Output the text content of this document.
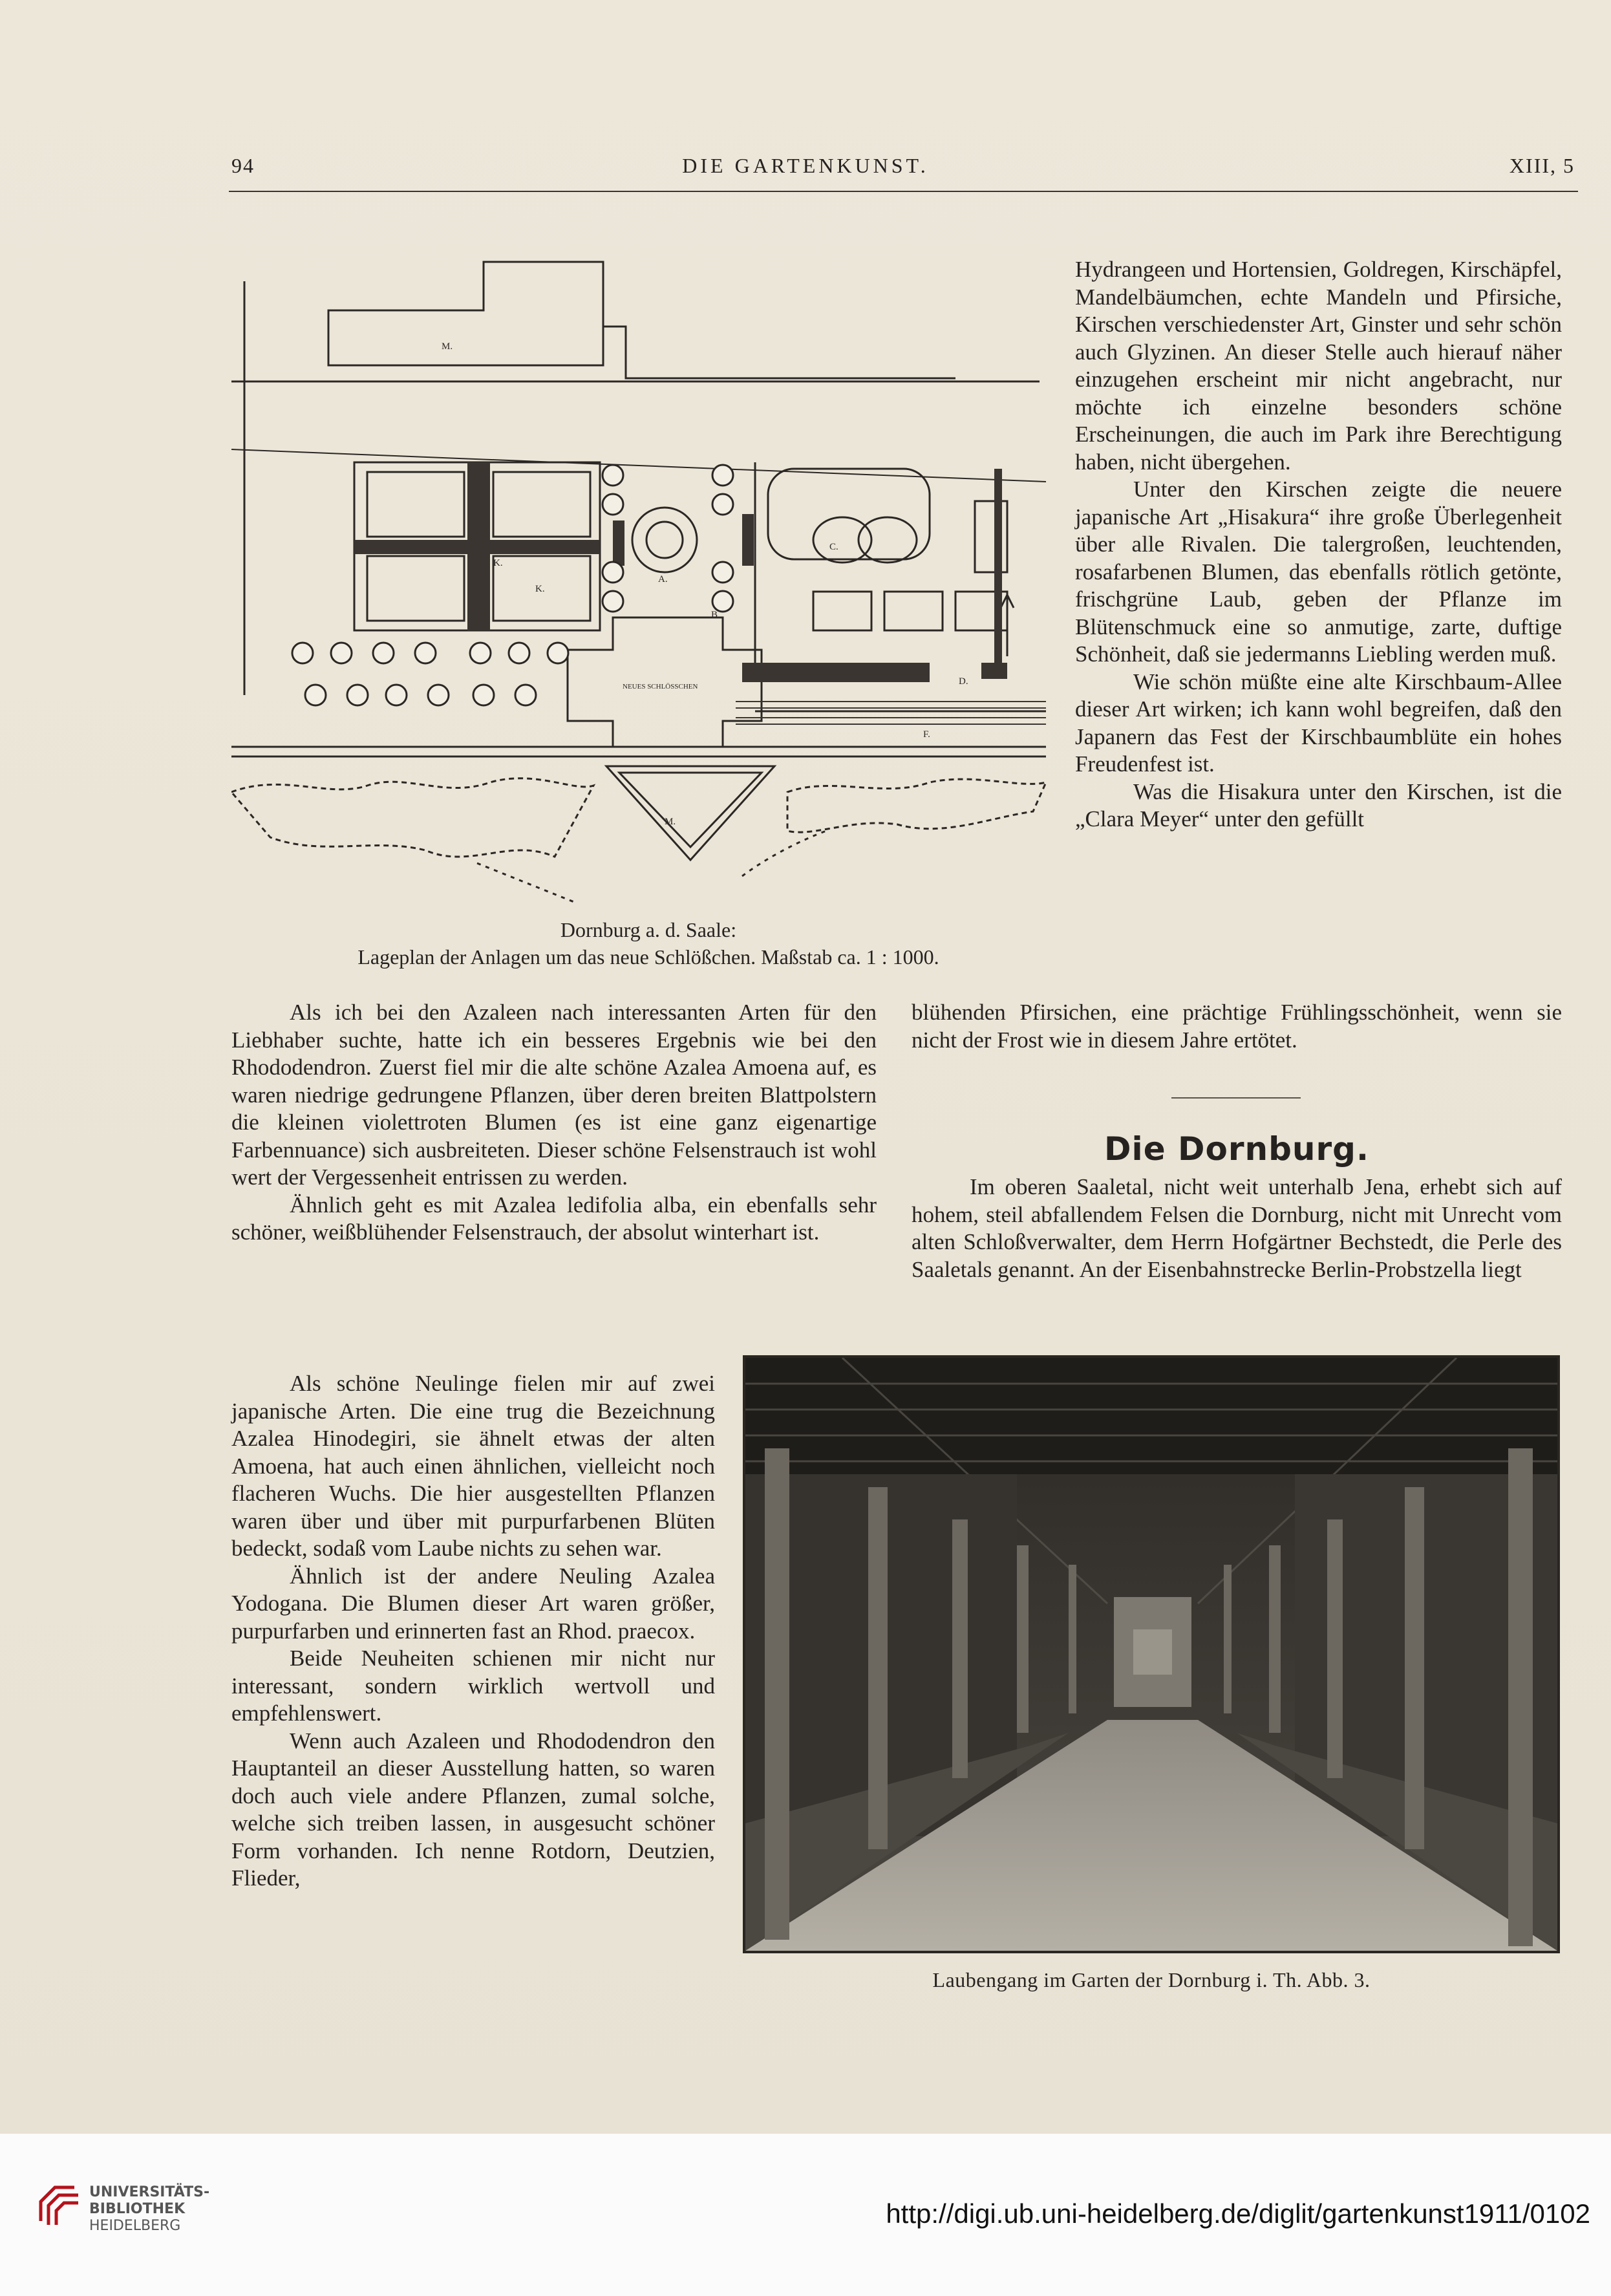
94	DIE GARTENKUNST.	XIII, 5
M.
K.
A.
B
C.
D.
F.
K.
M.
NEUES SCHLÖSSCHEN
Dornburg a. d. Saale:
Lageplan der Anlagen um das neue Schlößchen. Maßstab ca. 1 : 1000.

Hydrangeen und Hortensien, Goldregen, Kirschäpfel, Mandelbäumchen, echte Mandeln und Pfirsiche, Kirschen verschiedenster Art, Ginster und sehr schön auch Glyzinen. An dieser Stelle auch hierauf näher einzugehen erscheint mir nicht angebracht, nur möchte ich einzelne besonders schöne Erscheinungen, die auch im Park ihre Berechtigung haben, nicht übergehen.

Unter den Kirschen zeigte die neuere japanische Art „Hisakura“ ihre große Überlegenheit über alle Rivalen. Die talergroßen, leuchtenden, rosafarbenen Blumen, das ebenfalls rötlich getönte, frischgrüne Laub, geben der Pflanze im Blütenschmuck eine so anmutige, zarte, duftige Schönheit, daß sie jedermanns Liebling werden muß.

Wie schön müßte eine alte Kirschbaum-Allee dieser Art wirken; ich kann wohl begreifen, daß den Japanern das Fest der Kirschbaumblüte ein hohes Freudenfest ist.

Was die Hisakura unter den Kirschen, ist die „Clara Meyer“ unter den gefüllt

Als ich bei den Azaleen nach interessanten Arten für den Liebhaber suchte, hatte ich ein besseres Ergebnis wie bei den Rhododendron. Zuerst fiel mir die alte schöne Azalea Amoena auf, es waren niedrige gedrungene Pflanzen, über deren breiten Blattpolstern die kleinen violettroten Blumen (es ist eine ganz eigenartige Farbennuance) sich ausbreiteten. Dieser schöne Felsenstrauch ist wohl wert der Vergessenheit entrissen zu werden.

Ähnlich geht es mit Azalea ledifolia alba, ein ebenfalls sehr schöner, weißblühender Felsenstrauch, der absolut winterhart ist.

blühenden Pfirsichen, eine prächtige Frühlingsschönheit, wenn sie nicht der Frost wie in diesem Jahre ertötet.

Die Dornburg.

Im oberen Saaletal, nicht weit unterhalb Jena, erhebt sich auf hohem, steil abfallendem Felsen die Dornburg, nicht mit Unrecht vom alten Schloßverwalter, dem Herrn Hofgärtner Bechstedt, die Perle des Saaletals genannt. An der Eisenbahnstrecke Berlin-Probstzella liegt

Als schöne Neulinge fielen mir auf zwei japanische Arten. Die eine trug die Bezeichnung Azalea Hinodegiri, sie ähnelt etwas der alten Amoena, hat auch einen ähnlichen, vielleicht noch flacheren Wuchs. Die hier ausgestellten Pflanzen waren über und über mit purpurfarbenen Blüten bedeckt, sodaß vom Laube nichts zu sehen war.

Ähnlich ist der andere Neuling Azalea Yodogana. Die Blumen dieser Art waren größer, purpurfarben und erinnerten fast an Rhod. praecox.

Beide Neuheiten schienen mir nicht nur interessant, sondern wirklich wertvoll und empfehlenswert.

Wenn auch Azaleen und Rhododendron den Hauptanteil an dieser Ausstellung hatten, so waren doch auch viele andere Pflanzen, zumal solche, welche sich treiben lassen, in ausgesucht schöner Form vorhanden. Ich nenne Rotdorn, Deutzien, Flieder,

Laubengang im Garten der Dornburg i. Th. Abb. 3.
UNIVERSITÄTS-
BIBLIOTHEK
HEIDELBERG	http://digi.ub.uni-heidelberg.de/diglit/gartenkunst1911/0102
